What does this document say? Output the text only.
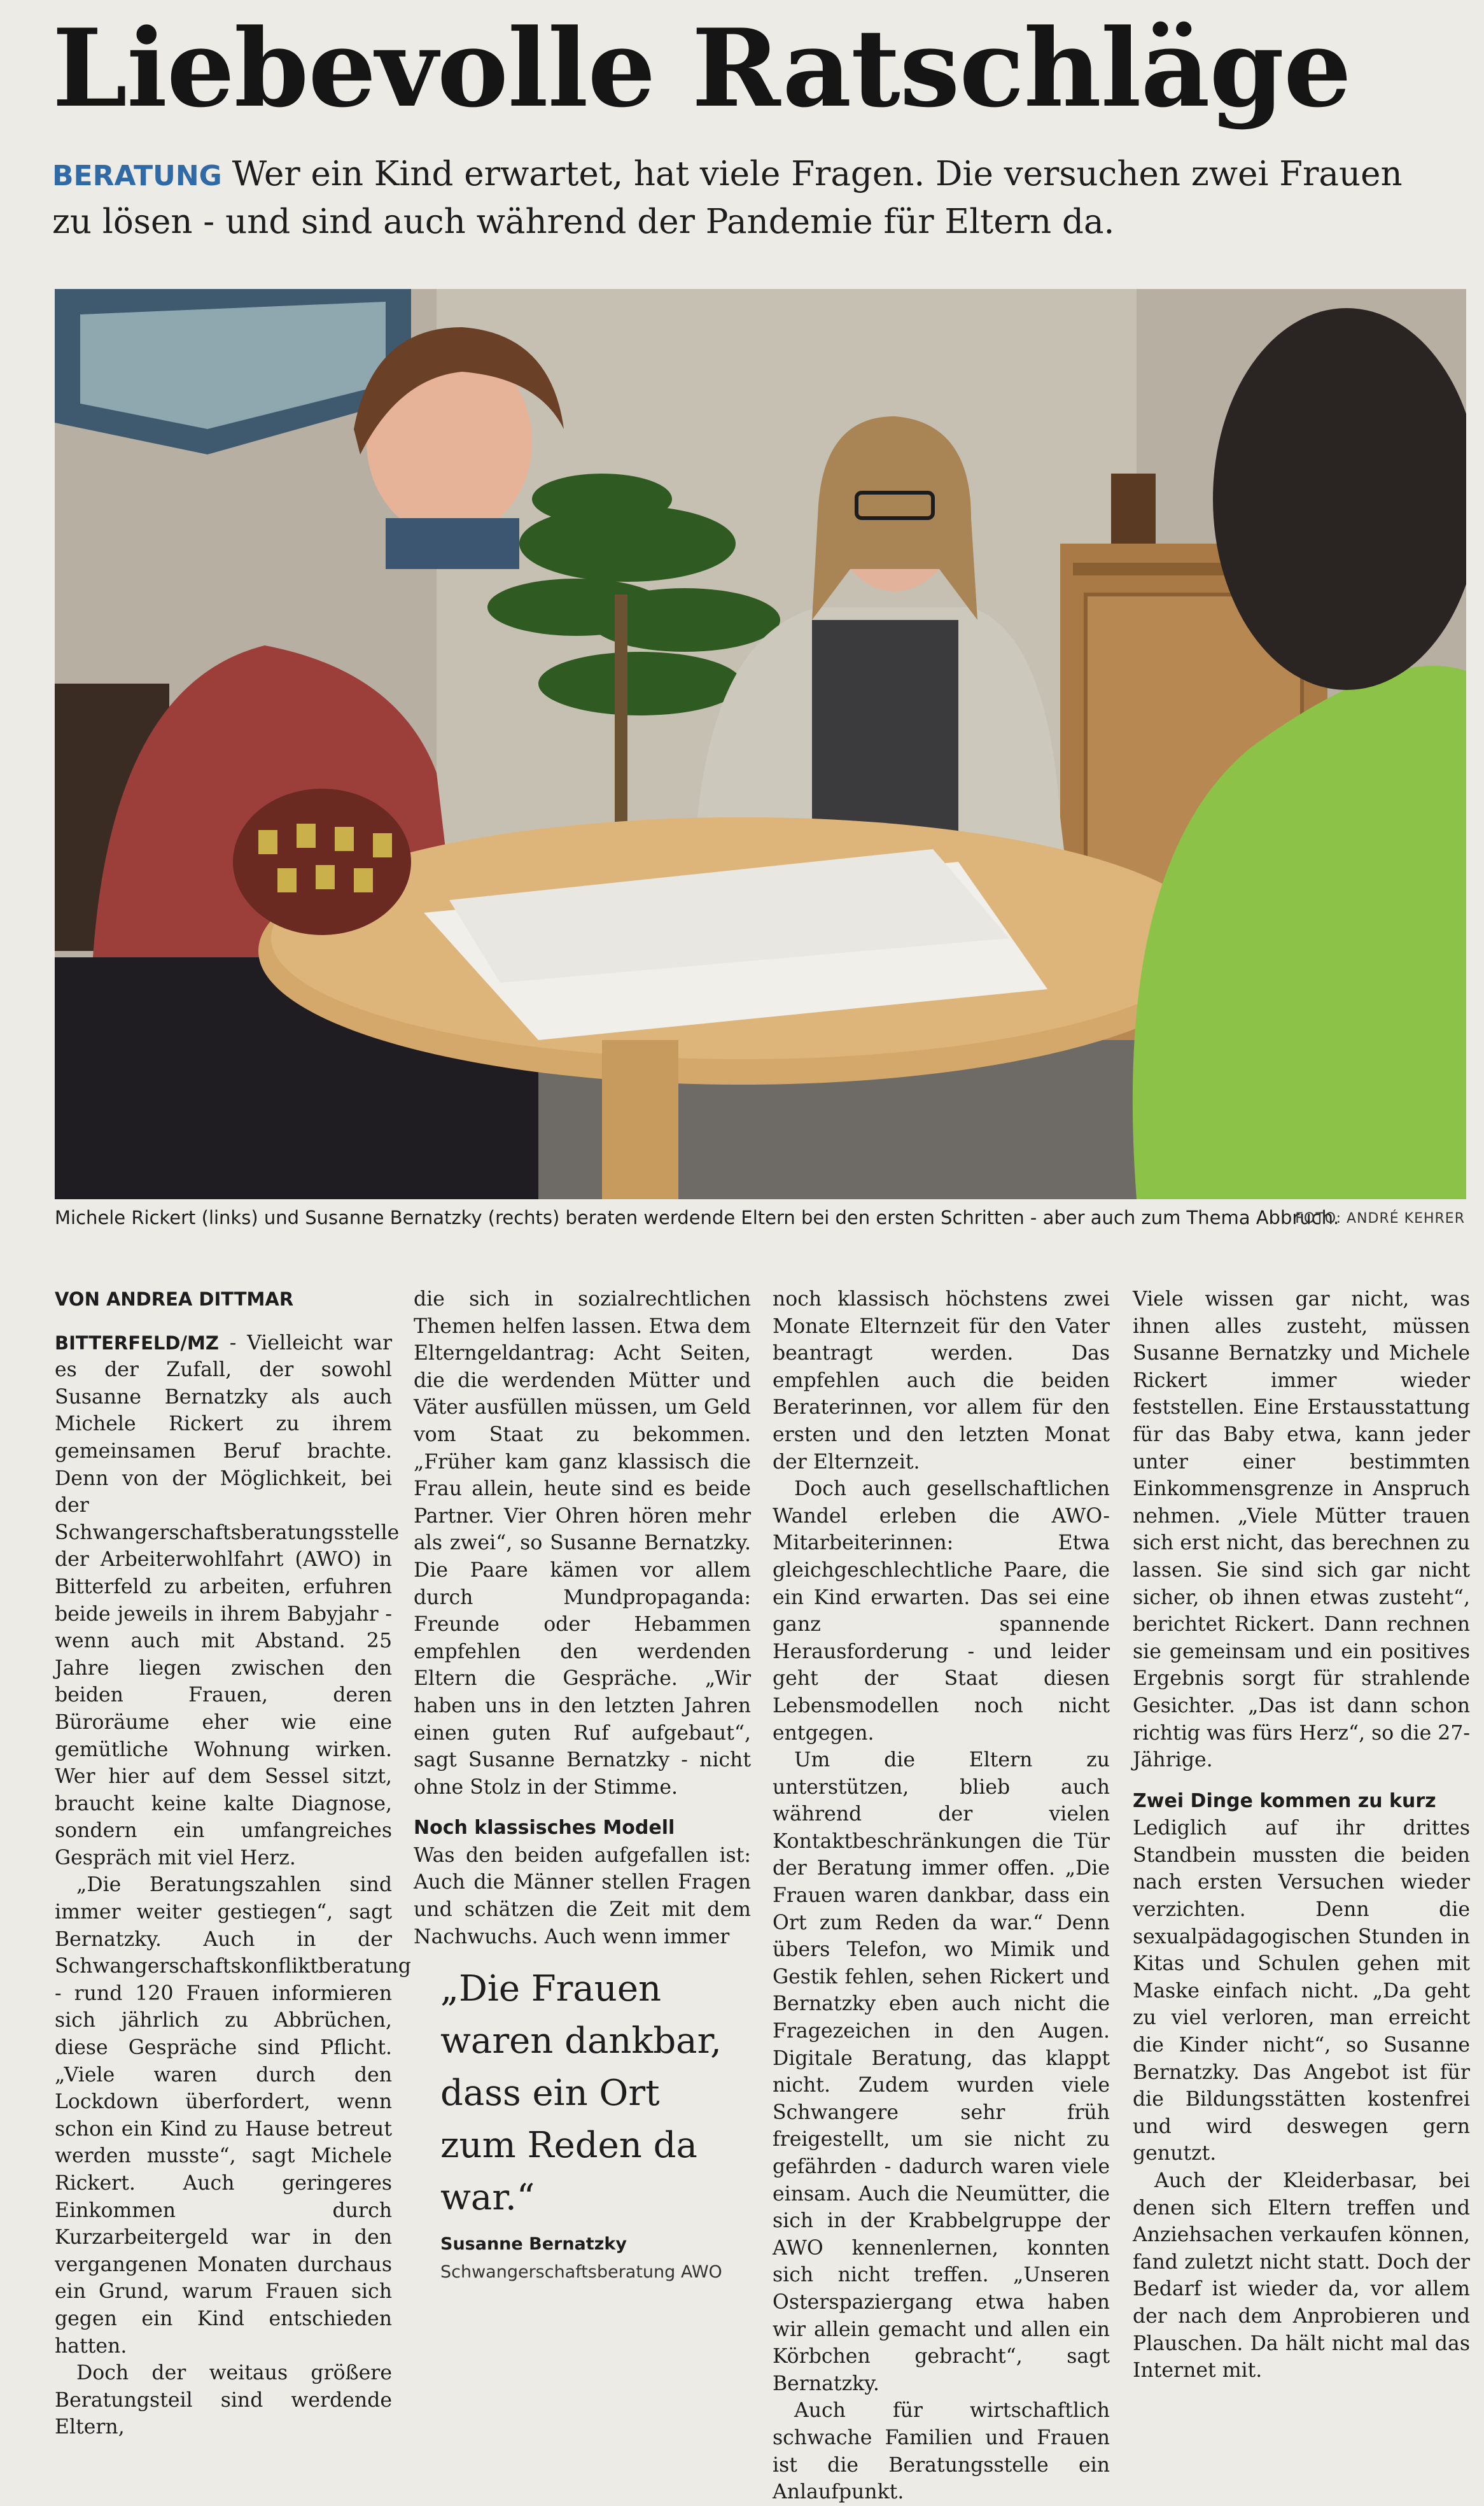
Liebevolle Ratschläge
BERATUNG Wer ein Kind erwartet, hat viele Fragen. Die versuchen zwei Frauen zu lösen - und sind auch während der Pandemie für Eltern da.
Michele Rickert (links) und Susanne Bernatzky (rechts) beraten werdende Eltern bei den ersten Schritten - aber auch zum Thema Abbruch.
FOTO: ANDRÉ KEHRER
VON ANDREA DITTMAR

BITTERFELD/MZ - Vielleicht war es der Zufall, der sowohl Susanne Bernatzky als auch Michele Rickert zu ihrem gemeinsamen Beruf brachte. Denn von der Möglichkeit, bei der Schwangerschaftsberatungsstelle der Arbeiterwohlfahrt (AWO) in Bitterfeld zu arbeiten, erfuhren beide jeweils in ihrem Babyjahr - wenn auch mit Abstand. 25 Jahre liegen zwischen den beiden Frauen, deren Büroräume eher wie eine gemütliche Wohnung wirken. Wer hier auf dem Sessel sitzt, braucht keine kalte Diagnose, sondern ein umfangreiches Gespräch mit viel Herz.

„Die Beratungszahlen sind immer weiter gestiegen“, sagt Bernatzky. Auch in der Schwangerschaftskonfliktberatung - rund 120 Frauen informieren sich jährlich zu Abbrüchen, diese Gespräche sind Pflicht. „Viele waren durch den Lockdown überfordert, wenn schon ein Kind zu Hause betreut werden musste“, sagt Michele Rickert. Auch geringeres Einkommen durch Kurzarbeitergeld war in den vergangenen Monaten durchaus ein Grund, warum Frauen sich gegen ein Kind entschieden hatten.

Doch der weitaus größere Beratungsteil sind werdende Eltern,

die sich in sozialrechtlichen Themen helfen lassen. Etwa dem Elterngeldantrag: Acht Seiten, die die werdenden Mütter und Väter ausfüllen müssen, um Geld vom Staat zu bekommen. „Früher kam ganz klassisch die Frau allein, heute sind es beide Partner. Vier Ohren hören mehr als zwei“, so Susanne Bernatzky. Die Paare kämen vor allem durch Mundpropaganda: Freunde oder Hebammen empfehlen den werdenden Eltern die Gespräche. „Wir haben uns in den letzten Jahren einen guten Ruf aufgebaut“, sagt Susanne Bernatzky - nicht ohne Stolz in der Stimme.

Noch klassisches Modell

Was den beiden aufgefallen ist: Auch die Männer stellen Fragen und schätzen die Zeit mit dem Nachwuchs. Auch wenn immer

„Die Frauen waren dankbar, dass ein Ort zum Reden da war.“
Susanne Bernatzky
Schwangerschaftsberatung AWO

noch klassisch höchstens zwei Monate Elternzeit für den Vater beantragt werden. Das empfehlen auch die beiden Beraterinnen, vor allem für den ersten und den letzten Monat der Elternzeit.

Doch auch gesellschaftlichen Wandel erleben die AWO-Mitarbeiterinnen: Etwa gleichgeschlechtliche Paare, die ein Kind erwarten. Das sei eine ganz spannende Herausforderung - und leider geht der Staat diesen Lebensmodellen noch nicht entgegen.

Um die Eltern zu unterstützen, blieb auch während der vielen Kontaktbeschränkungen die Tür der Beratung immer offen. „Die Frauen waren dankbar, dass ein Ort zum Reden da war.“ Denn übers Telefon, wo Mimik und Gestik fehlen, sehen Rickert und Bernatzky eben auch nicht die Fragezeichen in den Augen. Digitale Beratung, das klappt nicht. Zudem wurden viele Schwangere sehr früh freigestellt, um sie nicht zu gefährden - dadurch waren viele einsam. Auch die Neumütter, die sich in der Krabbelgruppe der AWO kennenlernen, konnten sich nicht treffen. „Unseren Osterspaziergang etwa haben wir allein gemacht und allen ein Körbchen gebracht“, sagt Bernatzky.

Auch für wirtschaftlich schwache Familien und Frauen ist die Beratungsstelle ein Anlaufpunkt.

Viele wissen gar nicht, was ihnen alles zusteht, müssen Susanne Bernatzky und Michele Rickert immer wieder feststellen. Eine Erstausstattung für das Baby etwa, kann jeder unter einer bestimmten Einkommensgrenze in Anspruch nehmen. „Viele Mütter trauen sich erst nicht, das berechnen zu lassen. Sie sind sich gar nicht sicher, ob ihnen etwas zusteht“, berichtet Rickert. Dann rechnen sie gemeinsam und ein positives Ergebnis sorgt für strahlende Gesichter. „Das ist dann schon richtig was fürs Herz“, so die 27-Jährige.

Zwei Dinge kommen zu kurz

Lediglich auf ihr drittes Standbein mussten die beiden nach ersten Versuchen wieder verzichten. Denn die sexualpädagogischen Stunden in Kitas und Schulen gehen mit Maske einfach nicht. „Da geht zu viel verloren, man erreicht die Kinder nicht“, so Susanne Bernatzky. Das Angebot ist für die Bildungsstätten kostenfrei und wird deswegen gern genutzt.

Auch der Kleiderbasar, bei denen sich Eltern treffen und Anziehsachen verkaufen können, fand zuletzt nicht statt. Doch der Bedarf ist wieder da, vor allem der nach dem Anprobieren und Plauschen. Da hält nicht mal das Internet mit.
